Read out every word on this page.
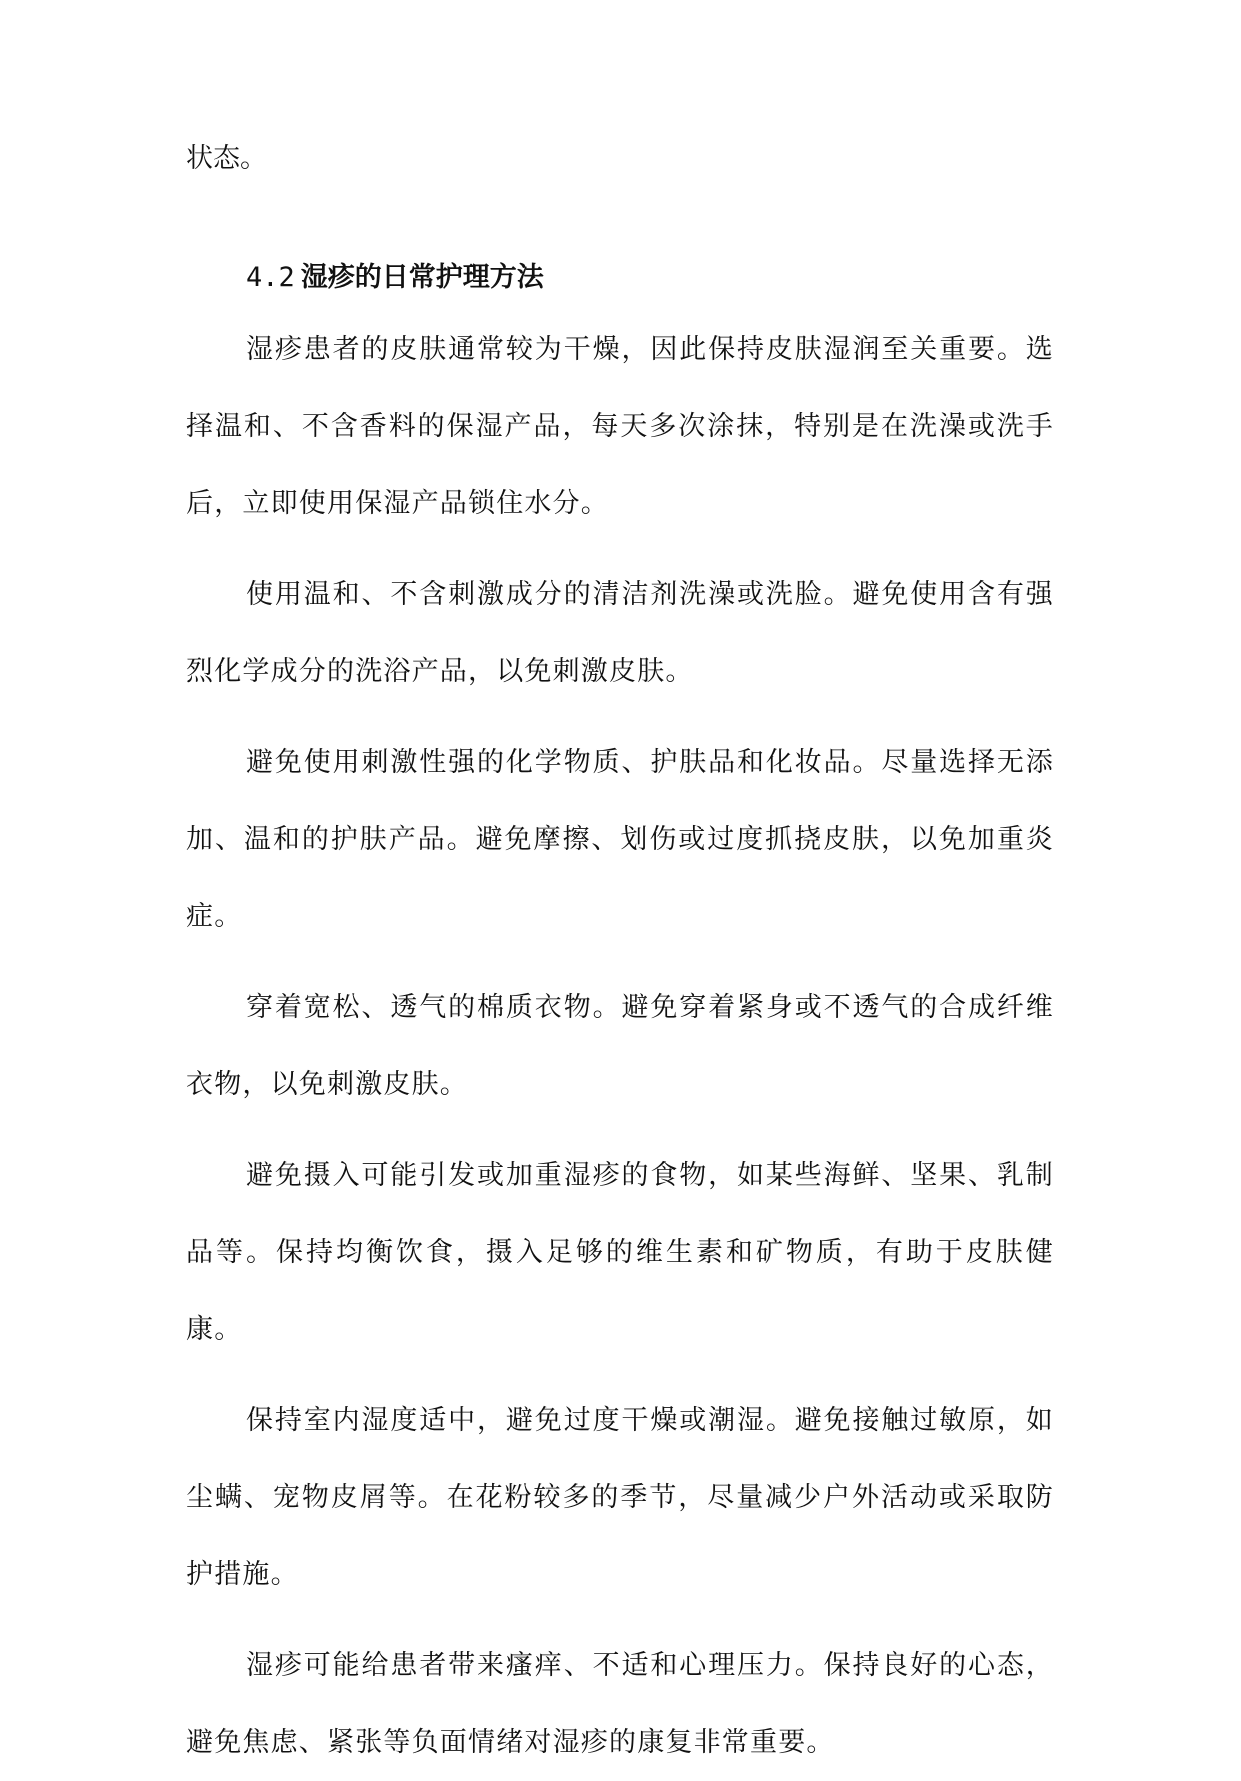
状态。

4.2 湿疹的日常护理方法

湿疹患者的皮肤通常较为干燥，因此保持皮肤湿润至关重要。选择温和、不含香料的保湿产品，每天多次涂抹，特别是在洗澡或洗手后，立即使用保湿产品锁住水分。

使用温和、不含刺激成分的清洁剂洗澡或洗脸。避免使用含有强烈化学成分的洗浴产品，以免刺激皮肤。

避免使用刺激性强的化学物质、护肤品和化妆品。尽量选择无添加、温和的护肤产品。避免摩擦、划伤或过度抓挠皮肤，以免加重炎症。

穿着宽松、透气的棉质衣物。避免穿着紧身或不透气的合成纤维衣物，以免刺激皮肤。

避免摄入可能引发或加重湿疹的食物，如某些海鲜、坚果、乳制品等。保持均衡饮食，摄入足够的维生素和矿物质，有助于皮肤健康。

保持室内湿度适中，避免过度干燥或潮湿。避免接触过敏原，如尘螨、宠物皮屑等。在花粉较多的季节，尽量减少户外活动或采取防护措施。

湿疹可能给患者带来瘙痒、不适和心理压力。保持良好的心态，避免焦虑、紧张等负面情绪对湿疹的康复非常重要。
